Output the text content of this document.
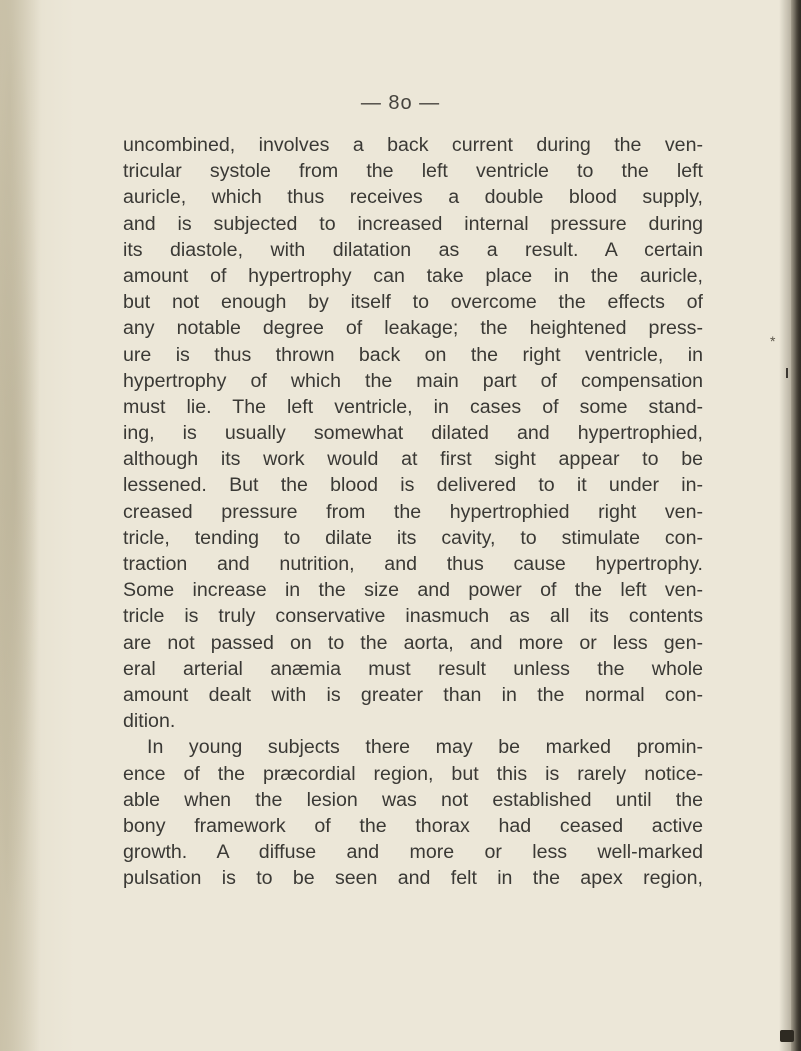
— 8o —
uncombined, involves a back current during the ven-
tricular systole from the left ventricle to the left
auricle, which thus receives a double blood supply,
and is subjected to increased internal pressure during
its diastole, with dilatation as a result. A certain
amount of hypertrophy can take place in the auricle,
but not enough by itself to overcome the effects of
any notable degree of leakage; the heightened press-
ure is thus thrown back on the right ventricle, in
hypertrophy of which the main part of compensation
must lie. The left ventricle, in cases of some stand-
ing, is usually somewhat dilated and hypertrophied,
although its work would at first sight appear to be
lessened. But the blood is delivered to it under in-
creased pressure from the hypertrophied right ven-
tricle, tending to dilate its cavity, to stimulate con-
traction and nutrition, and thus cause hypertrophy.
Some increase in the size and power of the left ven-
tricle is truly conservative inasmuch as all its contents
are not passed on to the aorta, and more or less gen-
eral arterial anæmia must result unless the whole
amount dealt with is greater than in the normal con-
dition.
In young subjects there may be marked promin-
ence of the præcordial region, but this is rarely notice-
able when the lesion was not established until the
bony framework of the thorax had ceased active
growth. A diffuse and more or less well-marked
pulsation is to be seen and felt in the apex region,
*
